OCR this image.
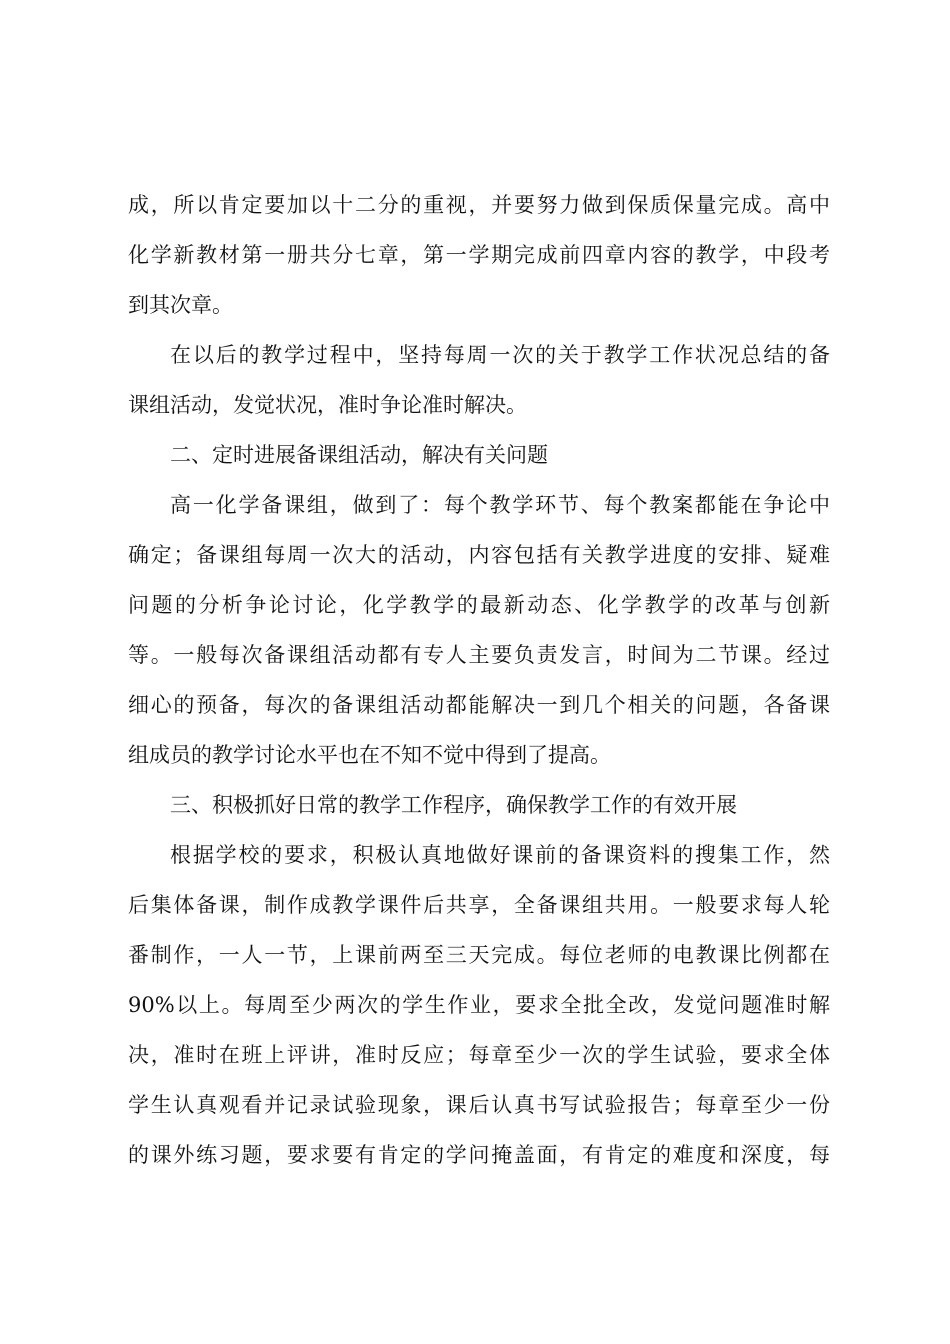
成，所以肯定要加以十二分的重视，并要努力做到保质保量完成。高中
化学新教材第一册共分七章，第一学期完成前四章内容的教学，中段考
到其次章。
在以后的教学过程中，坚持每周一次的关于教学工作状况总结的备
课组活动，发觉状况，准时争论准时解决。
二、定时进展备课组活动，解决有关问题
高一化学备课组，做到了：每个教学环节、每个教案都能在争论中
确定；备课组每周一次大的活动，内容包括有关教学进度的安排、疑难
问题的分析争论讨论，化学教学的最新动态、化学教学的改革与创新
等。一般每次备课组活动都有专人主要负责发言，时间为二节课。经过
细心的预备，每次的备课组活动都能解决一到几个相关的问题，各备课
组成员的教学讨论水平也在不知不觉中得到了提高。
三、积极抓好日常的教学工作程序，确保教学工作的有效开展
根据学校的要求，积极认真地做好课前的备课资料的搜集工作，然
后集体备课，制作成教学课件后共享，全备课组共用。一般要求每人轮
番制作，一人一节，上课前两至三天完成。每位老师的电教课比例都在
90%以上。每周至少两次的学生作业，要求全批全改，发觉问题准时解
决，准时在班上评讲，准时反应；每章至少一次的学生试验，要求全体
学生认真观看并记录试验现象，课后认真书写试验报告；每章至少一份
的课外练习题，要求要有肯定的学问掩盖面，有肯定的难度和深度，每
